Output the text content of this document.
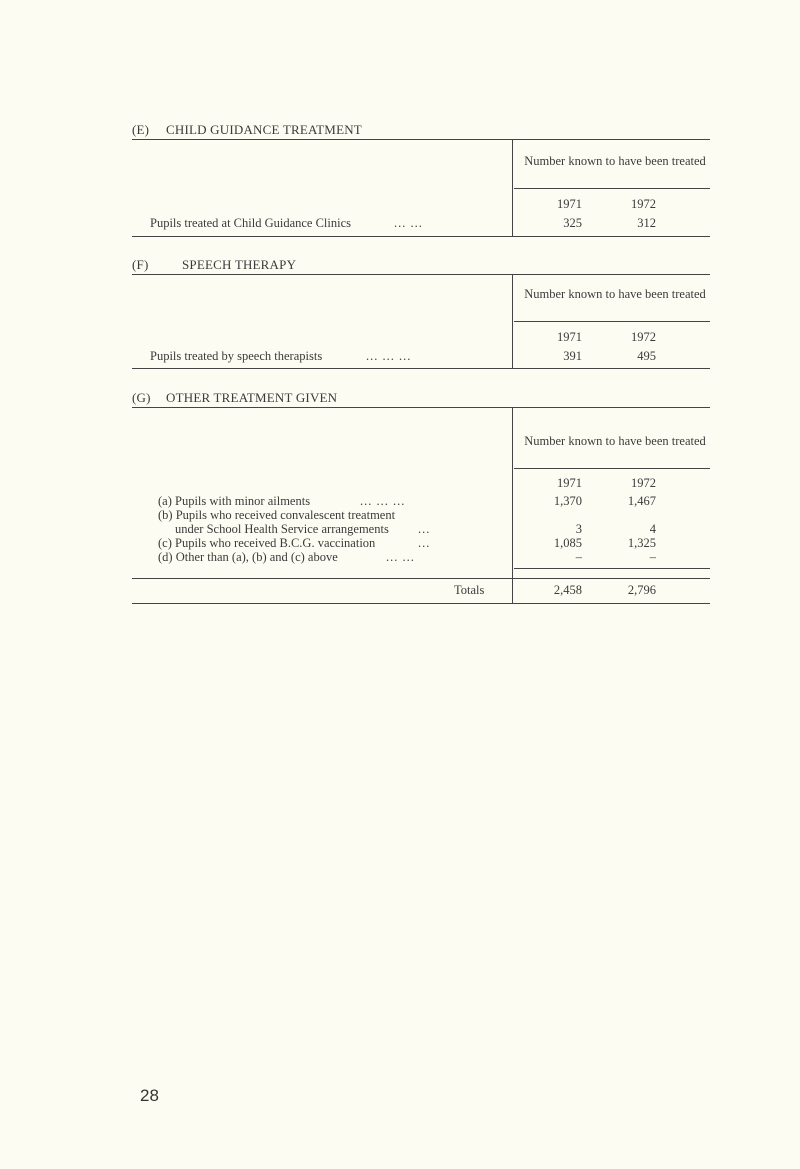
(E) CHILD GUIDANCE TREATMENT
Number known to have been treated
1971	1972
Pupils treated at Child Guidance Clinics	... ...	325	312
(F)	SPEECH THERAPY
Number known to have been treated
1971	1972
Pupils treated by speech therapists	... ... ...	391	495
(G) OTHER TREATMENT GIVEN
Number known to have been treated
1971	1972
(a) Pupils with minor ailments	... ... ...	1,370	1,467
(b) Pupils who received convalescent treatment
under School Health Service arrangements ...	3	4
(c) Pupils who received B.C.G. vaccination	...	1,085	1,325
(d) Other than (a), (b) and (c) above	... ...	–	–
Totals	2,458	2,796
28
